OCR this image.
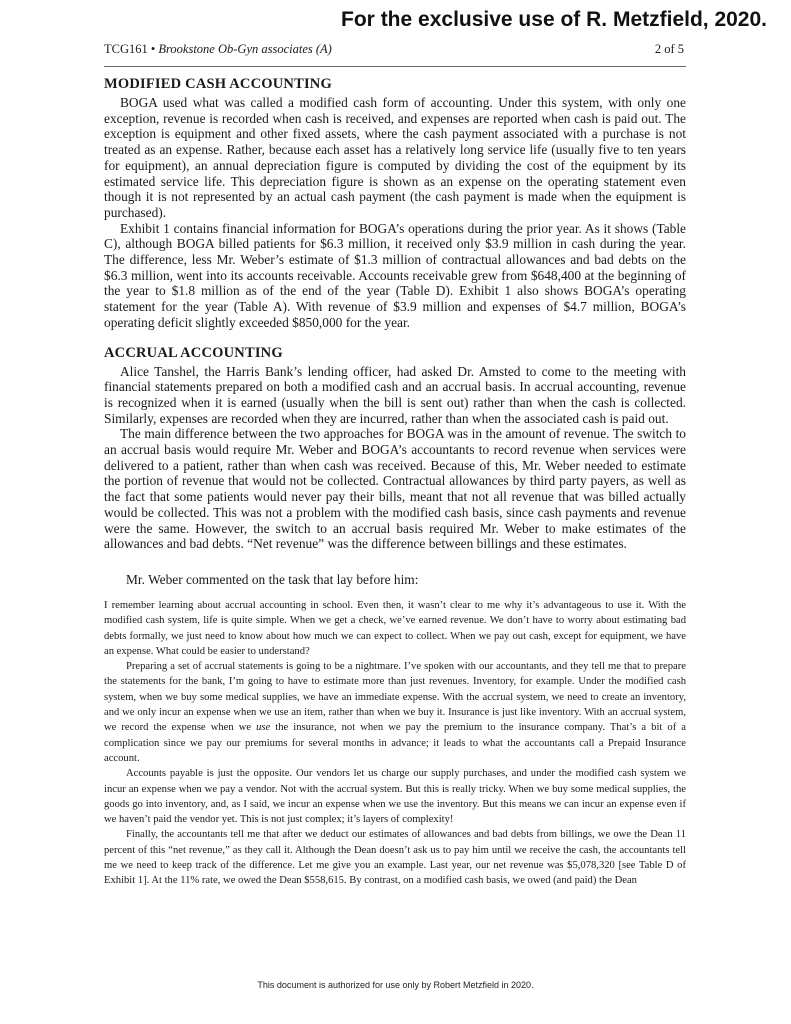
For the exclusive use of R. Metzfield, 2020.
TCG161 • Brookstone Ob-Gyn associates (A)	2 of 5
MODIFIED CASH ACCOUNTING

BOGA used what was called a modified cash form of accounting. Under this system, with only one exception, revenue is recorded when cash is received, and expenses are reported when cash is paid out. The exception is equipment and other fixed assets, where the cash payment associated with a purchase is not treated as an expense. Rather, because each asset has a relatively long service life (usually five to ten years for equipment), an annual depreciation figure is computed by dividing the cost of the equipment by its estimated service life. This depreciation figure is shown as an expense on the operating statement even though it is not represented by an actual cash payment (the cash payment is made when the equipment is purchased).

Exhibit 1 contains financial information for BOGA’s operations during the prior year. As it shows (Table C), although BOGA billed patients for $6.3 million, it received only $3.9 million in cash during the year. The difference, less Mr. Weber’s estimate of $1.3 million of contractual allowances and bad debts on the $6.3 million, went into its accounts receivable. Accounts receivable grew from $648,400 at the beginning of the year to $1.8 million as of the end of the year (Table D). Exhibit 1 also shows BOGA’s operating statement for the year (Table A). With revenue of $3.9 million and expenses of $4.7 million, BOGA’s operating deficit slightly exceeded $850,000 for the year.

ACCRUAL ACCOUNTING

Alice Tanshel, the Harris Bank’s lending officer, had asked Dr. Amsted to come to the meeting with financial statements prepared on both a modified cash and an accrual basis. In accrual accounting, revenue is recognized when it is earned (usually when the bill is sent out) rather than when the cash is collected. Similarly, expenses are recorded when they are incurred, rather than when the associated cash is paid out.

The main difference between the two approaches for BOGA was in the amount of revenue. The switch to an accrual basis would require Mr. Weber and BOGA’s accountants to record revenue when services were delivered to a patient, rather than when cash was received. Because of this, Mr. Weber needed to estimate the portion of revenue that would not be collected. Contractual allowances by third party payers, as well as the fact that some patients would never pay their bills, meant that not all revenue that was billed actually would be collected. This was not a problem with the modified cash basis, since cash payments and revenue were the same. However, the switch to an accrual basis required Mr. Weber to make estimates of the allowances and bad debts. “Net revenue” was the difference between billings and these estimates.

Mr. Weber commented on the task that lay before him:

I remember learning about accrual accounting in school. Even then, it wasn’t clear to me why it’s advantageous to use it. With the modified cash system, life is quite simple. When we get a check, we’ve earned revenue. We don’t have to worry about estimating bad debts formally, we just need to know about how much we can expect to collect. When we pay out cash, except for equipment, we have an expense. What could be easier to understand?

Preparing a set of accrual statements is going to be a nightmare. I’ve spoken with our accountants, and they tell me that to prepare the statements for the bank, I’m going to have to estimate more than just revenues. Inventory, for example. Under the modified cash system, when we buy some medical supplies, we have an immediate expense. With the accrual system, we need to create an inventory, and we only incur an expense when we use an item, rather than when we buy it. Insurance is just like inventory. With an accrual system, we record the expense when we use the insurance, not when we pay the premium to the insurance company. That’s a bit of a complication since we pay our premiums for several months in advance; it leads to what the accountants call a Prepaid Insurance account.

Accounts payable is just the opposite. Our vendors let us charge our supply purchases, and under the modified cash system we incur an expense when we pay a vendor. Not with the accrual system. But this is really tricky. When we buy some medical supplies, the goods go into inventory, and, as I said, we incur an expense when we use the inventory. But this means we can incur an expense even if we haven’t paid the vendor yet. This is not just complex; it’s layers of complexity!

Finally, the accountants tell me that after we deduct our estimates of allowances and bad debts from billings, we owe the Dean 11 percent of this “net revenue,” as they call it. Although the Dean doesn’t ask us to pay him until we receive the cash, the accountants tell me we need to keep track of the difference. Let me give you an example. Last year, our net revenue was $5,078,320 [see Table D of Exhibit 1]. At the 11% rate, we owed the Dean $558,615. By contrast, on a modified cash basis, we owed (and paid) the Dean

This document is authorized for use only by Robert Metzfield in 2020.
